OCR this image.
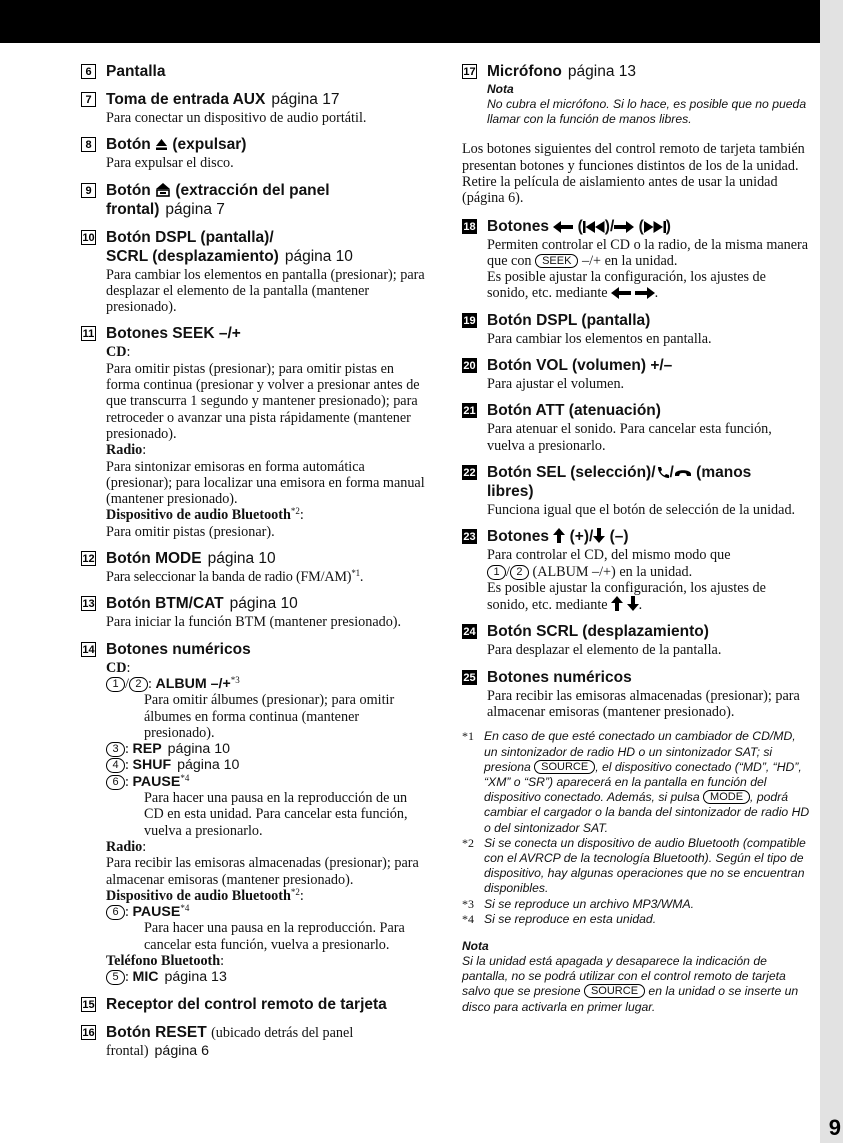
9
6 Pantalla
7 Toma de entrada AUX página 17
Para conectar un dispositivo de audio portátil.
8 Botón (expulsar)
Para expulsar el disco.
9 Botón (extracción del panel
frontal) página 7
10 Botón DSPL (pantalla)/
SCRL (desplazamiento) página 10
Para cambiar los elementos en pantalla (presionar); para desplazar el elemento de la pantalla (mantener presionado).
11 Botones SEEK –/+
CD:
Para omitir pistas (presionar); para omitir pistas en forma continua (presionar y volver a presionar antes de que transcurra 1 segundo y mantener presionado); para retroceder o avanzar una pista rápidamente (mantener presionado).
Radio:
Para sintonizar emisoras en forma automática (presionar); para localizar una emisora en forma manual (mantener presionado).
Dispositivo de audio Bluetooth$^{*2}$:
Para omitir pistas (presionar).
12 Botón MODE página 10
Para seleccionar la banda de radio $(FM/AM)^{*1}$.
13 Botón BTM/CAT página 10
Para iniciar la función BTM (mantener presionado).
14 Botones numéricos
CD:
1 / 2 : ALBUM –/+$^{*3}$
Para omitir álbumes (presionar); para omitir álbumes en forma continua (mantener presionado).
3 : REP página 10
4 : SHUF página 10
6 : PAUSE$^{*4}$
Para hacer una pausa en la reproducción de un CD en esta unidad. Para cancelar esta función, vuelva a presionarlo.
Radio:
Para recibir las emisoras almacenadas (presionar); para almacenar emisoras (mantener presionado).
Dispositivo de audio Bluetooth$^{*2}$:
6 : PAUSE$^{*4}$
Para hacer una pausa en la reproducción. Para cancelar esta función, vuelva a presionarlo.
Teléfono Bluetooth:
5 : MIC página 13
15 Receptor del control remoto de tarjeta
16 Botón RESET (ubicado detrás del panel
frontal) página 6
17 Micrófono página 13
Nota
No cubra el micrófono. Si lo hace, es posible que no pueda llamar con la función de manos libres.
Los botones siguientes del control remoto de tarjeta también presentan botones y funciones distintos de los de la unidad. Retire la película de aislamiento antes de usar la unidad (página 6).
18 Botones ( )/ ( )
Permiten controlar el CD o la radio, de la misma manera que con SEEK –/+ en la unidad.
Es posible ajustar la configuración, los ajustes de sonido, etc. mediante	.
19 Botón DSPL (pantalla)
Para cambiar los elementos en pantalla.
20 Botón VOL (volumen) +/–
Para ajustar el volumen.
21 Botón ATT (atenuación)
Para atenuar el sonido. Para cancelar esta función, vuelva a presionarlo.
22 Botón SEL (selección)/ / (manos
libres)
Funciona igual que el botón de selección de la unidad.
23 Botones (+)/ (–)
Para controlar el CD, del mismo modo que
1 / 2 (ALBUM –/+) en la unidad.
Es posible ajustar la configuración, los ajustes de sonido, etc. mediante .
24 Botón SCRL (desplazamiento)
Para desplazar el elemento de la pantalla.
25 Botones numéricos
Para recibir las emisoras almacenadas (presionar); para almacenar emisoras (mantener presionado).
*1 En caso de que esté conectado un cambiador de CD/MD, un sintonizador de radio HD o un sintonizador SAT; si presiona SOURCE , el dispositivo conectado (“MD”, “HD”, “XM” o “SR”) aparecerá en la pantalla en función del dispositivo conectado. Además, si pulsa MODE , podrá cambiar el cargador o la banda del sintonizador de radio HD o del sintonizador SAT.
*2 Si se conecta un dispositivo de audio Bluetooth (compatible con el AVRCP de la tecnología Bluetooth). Según el tipo de dispositivo, hay algunas operaciones que no se encuentran disponibles.
*3 Si se reproduce un archivo MP3/WMA.
*4 Si se reproduce en esta unidad.
Nota
Si la unidad está apagada y desaparece la indicación de pantalla, no se podrá utilizar con el control remoto de tarjeta salvo que se presione SOURCE en la unidad o se inserte un disco para activarla en primer lugar.
